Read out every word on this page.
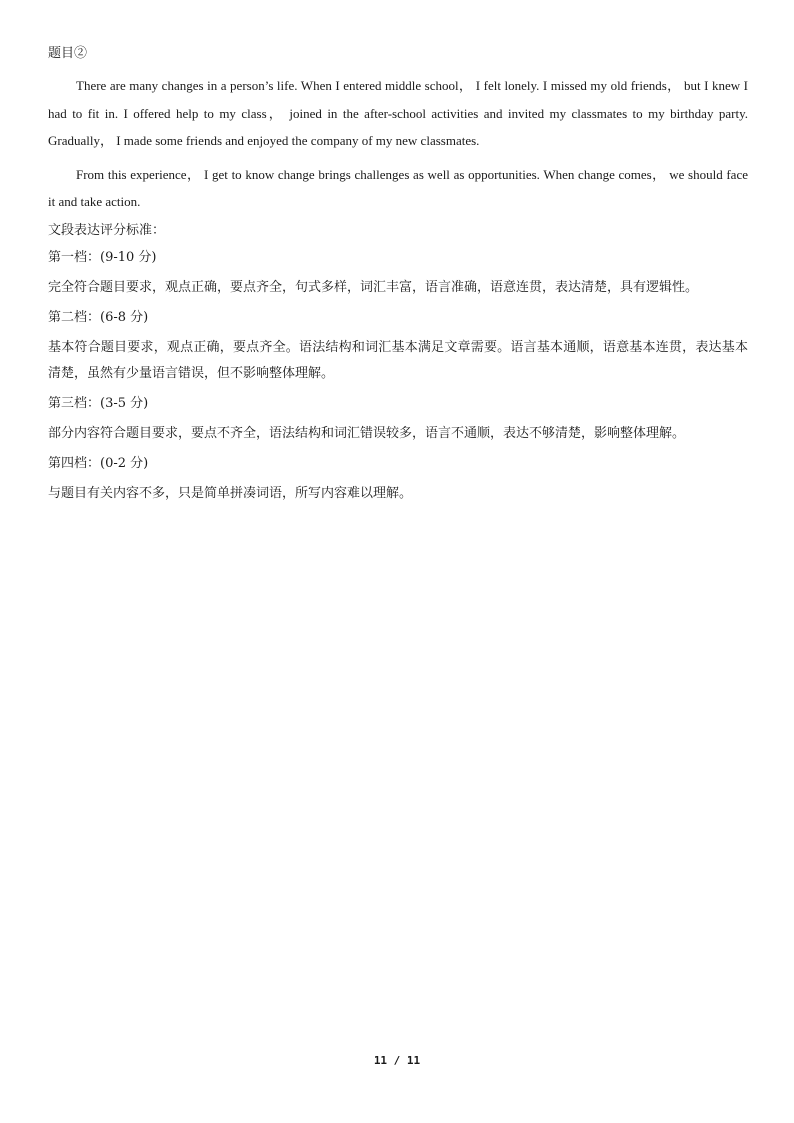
题目②

There are many changes in a person’s life. When I entered middle school， I felt lonely. I missed my old friends， but I knew I had to fit in. I offered help to my class， joined in the after-school activities and invited my classmates to my birthday party. Gradually， I made some friends and enjoyed the company of my new classmates.

From this experience， I get to know change brings challenges as well as opportunities. When change comes， we should face it and take action.

文段表达评分标准：
第一档：(9-10 分)

完全符合题目要求，观点正确，要点齐全，句式多样，词汇丰富，语言准确，语意连贯，表达清楚，具有逻辑性。

第二档：(6-8 分)

基本符合题目要求，观点正确，要点齐全。语法结构和词汇基本满足文章需要。语言基本通顺，语意基本连贯，表达基本清楚，虽然有少量语言错误，但不影响整体理解。

第三档：(3-5 分)

部分内容符合题目要求，要点不齐全，语法结构和词汇错误较多，语言不通顺，表达不够清楚，影响整体理解。

第四档：(0-2 分)

与题目有关内容不多，只是简单拼凑词语，所写内容难以理解。

11 / 11
